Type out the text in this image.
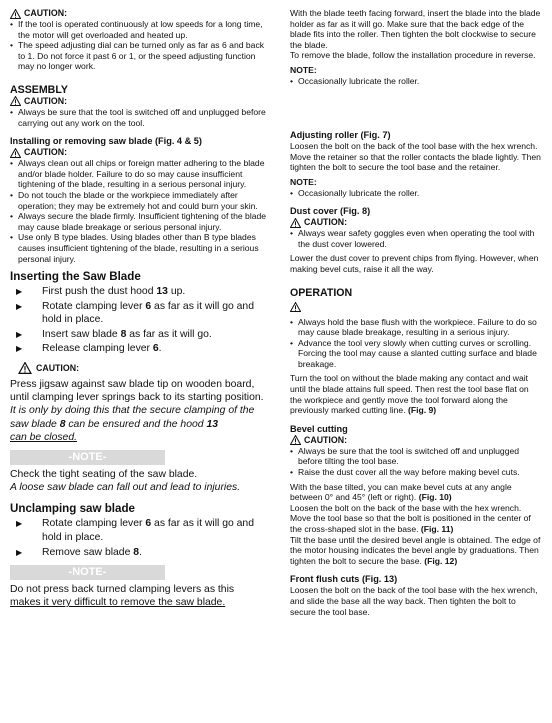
CAUTION:
• If the tool is operated continuously at low speeds for a long time, the motor will get overloaded and heated up.
• The speed adjusting dial can be turned only as far as 6 and back to 1. Do not force it past 6 or 1, or the speed adjusting function may no longer work.
ASSEMBLY
CAUTION:
• Always be sure that the tool is switched off and unplugged before carrying out any work on the tool.
Installing or removing saw blade (Fig. 4 & 5)
CAUTION:
• Always clean out all chips or foreign matter adhering to the blade and/or blade holder. Failure to do so may cause insufficient tightening of the blade, resulting in a serious personal injury.
• Do not touch the blade or the workpiece immediately after operation; they may be extremely hot and could burn your skin.
• Always secure the blade firmly. Insufficient tightening of the blade may cause blade breakage or serious personal injury.
• Use only B type blades. Using blades other than B type blades causes insufficient tightening of the blade, resulting in a serious personal injury.
Inserting the Saw Blade
▶	First push the dust hood 13 up.
▶	Rotate clamping lever 6 as far as it will go and hold in place.
▶	Insert saw blade 8 as far as it will go.
▶	Release clamping lever 6.
CAUTION:
Press jigsaw against saw blade tip on wooden board, until clamping lever springs back to its starting position.
It is only by doing this that the secure clamping of the saw blade 8 can be ensured and the hood 13
can be closed.
-NOTE-
Check the tight seating of the saw blade.
A loose saw blade can fall out and lead to injuries.
Unclamping saw blade
▶	Rotate clamping lever 6 as far as it will go and hold in place.
▶	Remove saw blade 8.
-NOTE-
Do not press back turned clamping levers as this
makes it very difficult to remove the saw blade.
With the blade teeth facing forward, insert the blade into the blade holder as far as it will go. Make sure that the back edge of the blade fits into the roller. Then tighten the bolt clockwise to secure the blade.
To remove the blade, follow the installation procedure in reverse.
NOTE:
• Occasionally lubricate the roller.
Adjusting roller (Fig. 7)
Loosen the bolt on the back of the tool base with the hex wrench. Move the retainer so that the roller contacts the blade lightly. Then tighten the bolt to secure the tool base and the retainer.
NOTE:
• Occasionally lubricate the roller.
Dust cover (Fig. 8)
CAUTION:
• Always wear safety goggles even when operating the tool with the dust cover lowered.
Lower the dust cover to prevent chips from flying. However, when making bevel cuts, raise it all the way.
OPERATION
• Always hold the base flush with the workpiece. Failure to do so may cause blade breakage, resulting in a serious injury.
• Advance the tool very slowly when cutting curves or scrolling. Forcing the tool may cause a slanted cutting surface and blade breakage.
Turn the tool on without the blade making any contact and wait until the blade attains full speed. Then rest the tool base flat on the workpiece and gently move the tool forward along the previously marked cutting line. (Fig. 9)
Bevel cutting
CAUTION:
• Always be sure that the tool is switched off and unplugged before tilting the tool base.
• Raise the dust cover all the way before making bevel cuts.
With the base tilted, you can make bevel cuts at any angle between 0° and 45° (left or right). (Fig. 10)
Loosen the bolt on the back of the base with the hex wrench. Move the tool base so that the bolt is positioned in the center of the cross-shaped slot in the base. (Fig. 11)
Tilt the base until the desired bevel angle is obtained. The edge of the motor housing indicates the bevel angle by graduations. Then tighten the bolt to secure the base. (Fig. 12)
Front flush cuts (Fig. 13)
Loosen the bolt on the back of the tool base with the hex wrench, and slide the base all the way back. Then tighten the bolt to secure the tool base.
